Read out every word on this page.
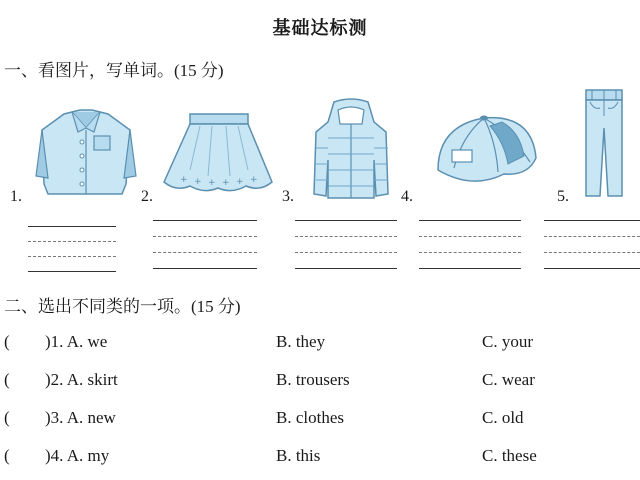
基础达标测
一、看图片，写单词。(15 分)
+ + + + + +
1.	2.	3.	4.	5.
二、选出不同类的一项。(15 分)
( )1. A. we	B. they	C. your
( )2. A. skirt	B. trousers	C. wear
( )3. A. new	B. clothes	C. old
( )4. A. my	B. this	C. these
